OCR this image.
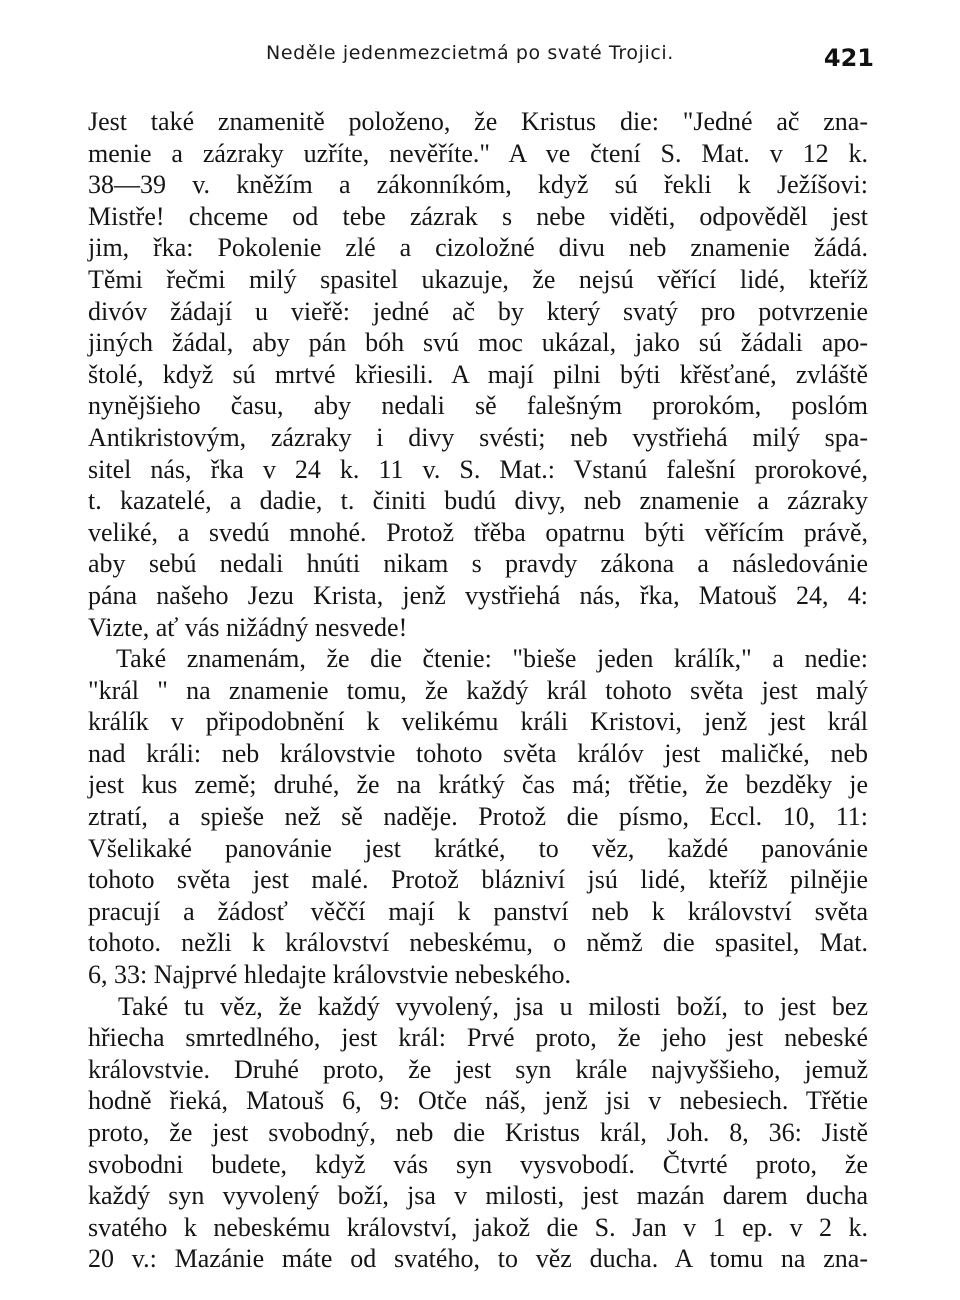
Neděle jedenmezcietmá po svaté Trojici.	421
Jest také znamenitě položeno, že Kristus die: "Jedné ač zna-
menie a zázraky uzříte, nevěříte." A ve čtení S. Mat. v 12 k.
38—39 v. kněžím a zákonníkóm, když sú řekli k Ježíšovi:
Mistře! chceme od tebe zázrak s nebe viděti, odpověděl jest
jim, řka: Pokolenie zlé a cizoložné divu neb znamenie žádá.
Těmi řečmi milý spasitel ukazuje, že nejsú věřící lidé, kteříž
divóv žádají u vieřě: jedné ač by který svatý pro potvrzenie
jiných žádal, aby pán bóh svú moc ukázal, jako sú žádali apo-
štolé, když sú mrtvé křiesili. A mají pilni býti křěsťané, zvláště
nynějšieho času, aby nedali sě falešným prorokóm, poslóm
Antikristovým, zázraky i divy svésti; neb vystřiehá milý spa-
sitel nás, řka v 24 k. 11 v. S. Mat.: Vstanú falešní prorokové,
t. kazatelé, a dadie, t. činiti budú divy, neb znamenie a zázraky
veliké, a svedú mnohé. Protož třěba opatrnu býti věřícím právě,
aby sebú nedali hnúti nikam s pravdy zákona a následovánie
pána našeho Jezu Krista, jenž vystřiehá nás, řka, Matouš 24, 4:
Vizte, ať vás nižádný nesvede!
Také znamenám, že die čtenie: "bieše jeden králík," a nedie:
"král " na znamenie tomu, že každý král tohoto světa jest malý
králík v připodobnění k velikému králi Kristovi, jenž jest král
nad králi: neb královstvie tohoto světa králóv jest maličké, neb
jest kus země; druhé, že na krátký čas má; třětie, že bezděky je
ztratí, a spieše než sě naděje. Protož die písmo, Eccl. 10, 11:
Všelikaké panovánie jest krátké, to věz, každé panovánie
tohoto světa jest malé. Protož blázniví jsú lidé, kteříž pilnějie
pracují a žádosť věččí mají k panství neb k království světa
tohoto. nežli k království nebeskému, o němž die spasitel, Mat.
6, 33: Najprvé hledajte královstvie nebeského.
Také tu věz, že každý vyvolený, jsa u milosti boží, to jest bez
hřiecha smrtedlného, jest král: Prvé proto, že jeho jest nebeské
královstvie. Druhé proto, že jest syn krále najvyššieho, jemuž
hodně řieká, Matouš 6, 9: Otče náš, jenž jsi v nebesiech. Třětie
proto, že jest svobodný, neb die Kristus král, Joh. 8, 36: Jistě
svobodni budete, když vás syn vysvobodí. Čtvrté proto, že
každý syn vyvolený boží, jsa v milosti, jest mazán darem ducha
svatého k nebeskému království, jakož die S. Jan v 1 ep. v 2 k.
20 v.: Mazánie máte od svatého, to věz ducha. A tomu na zna-
